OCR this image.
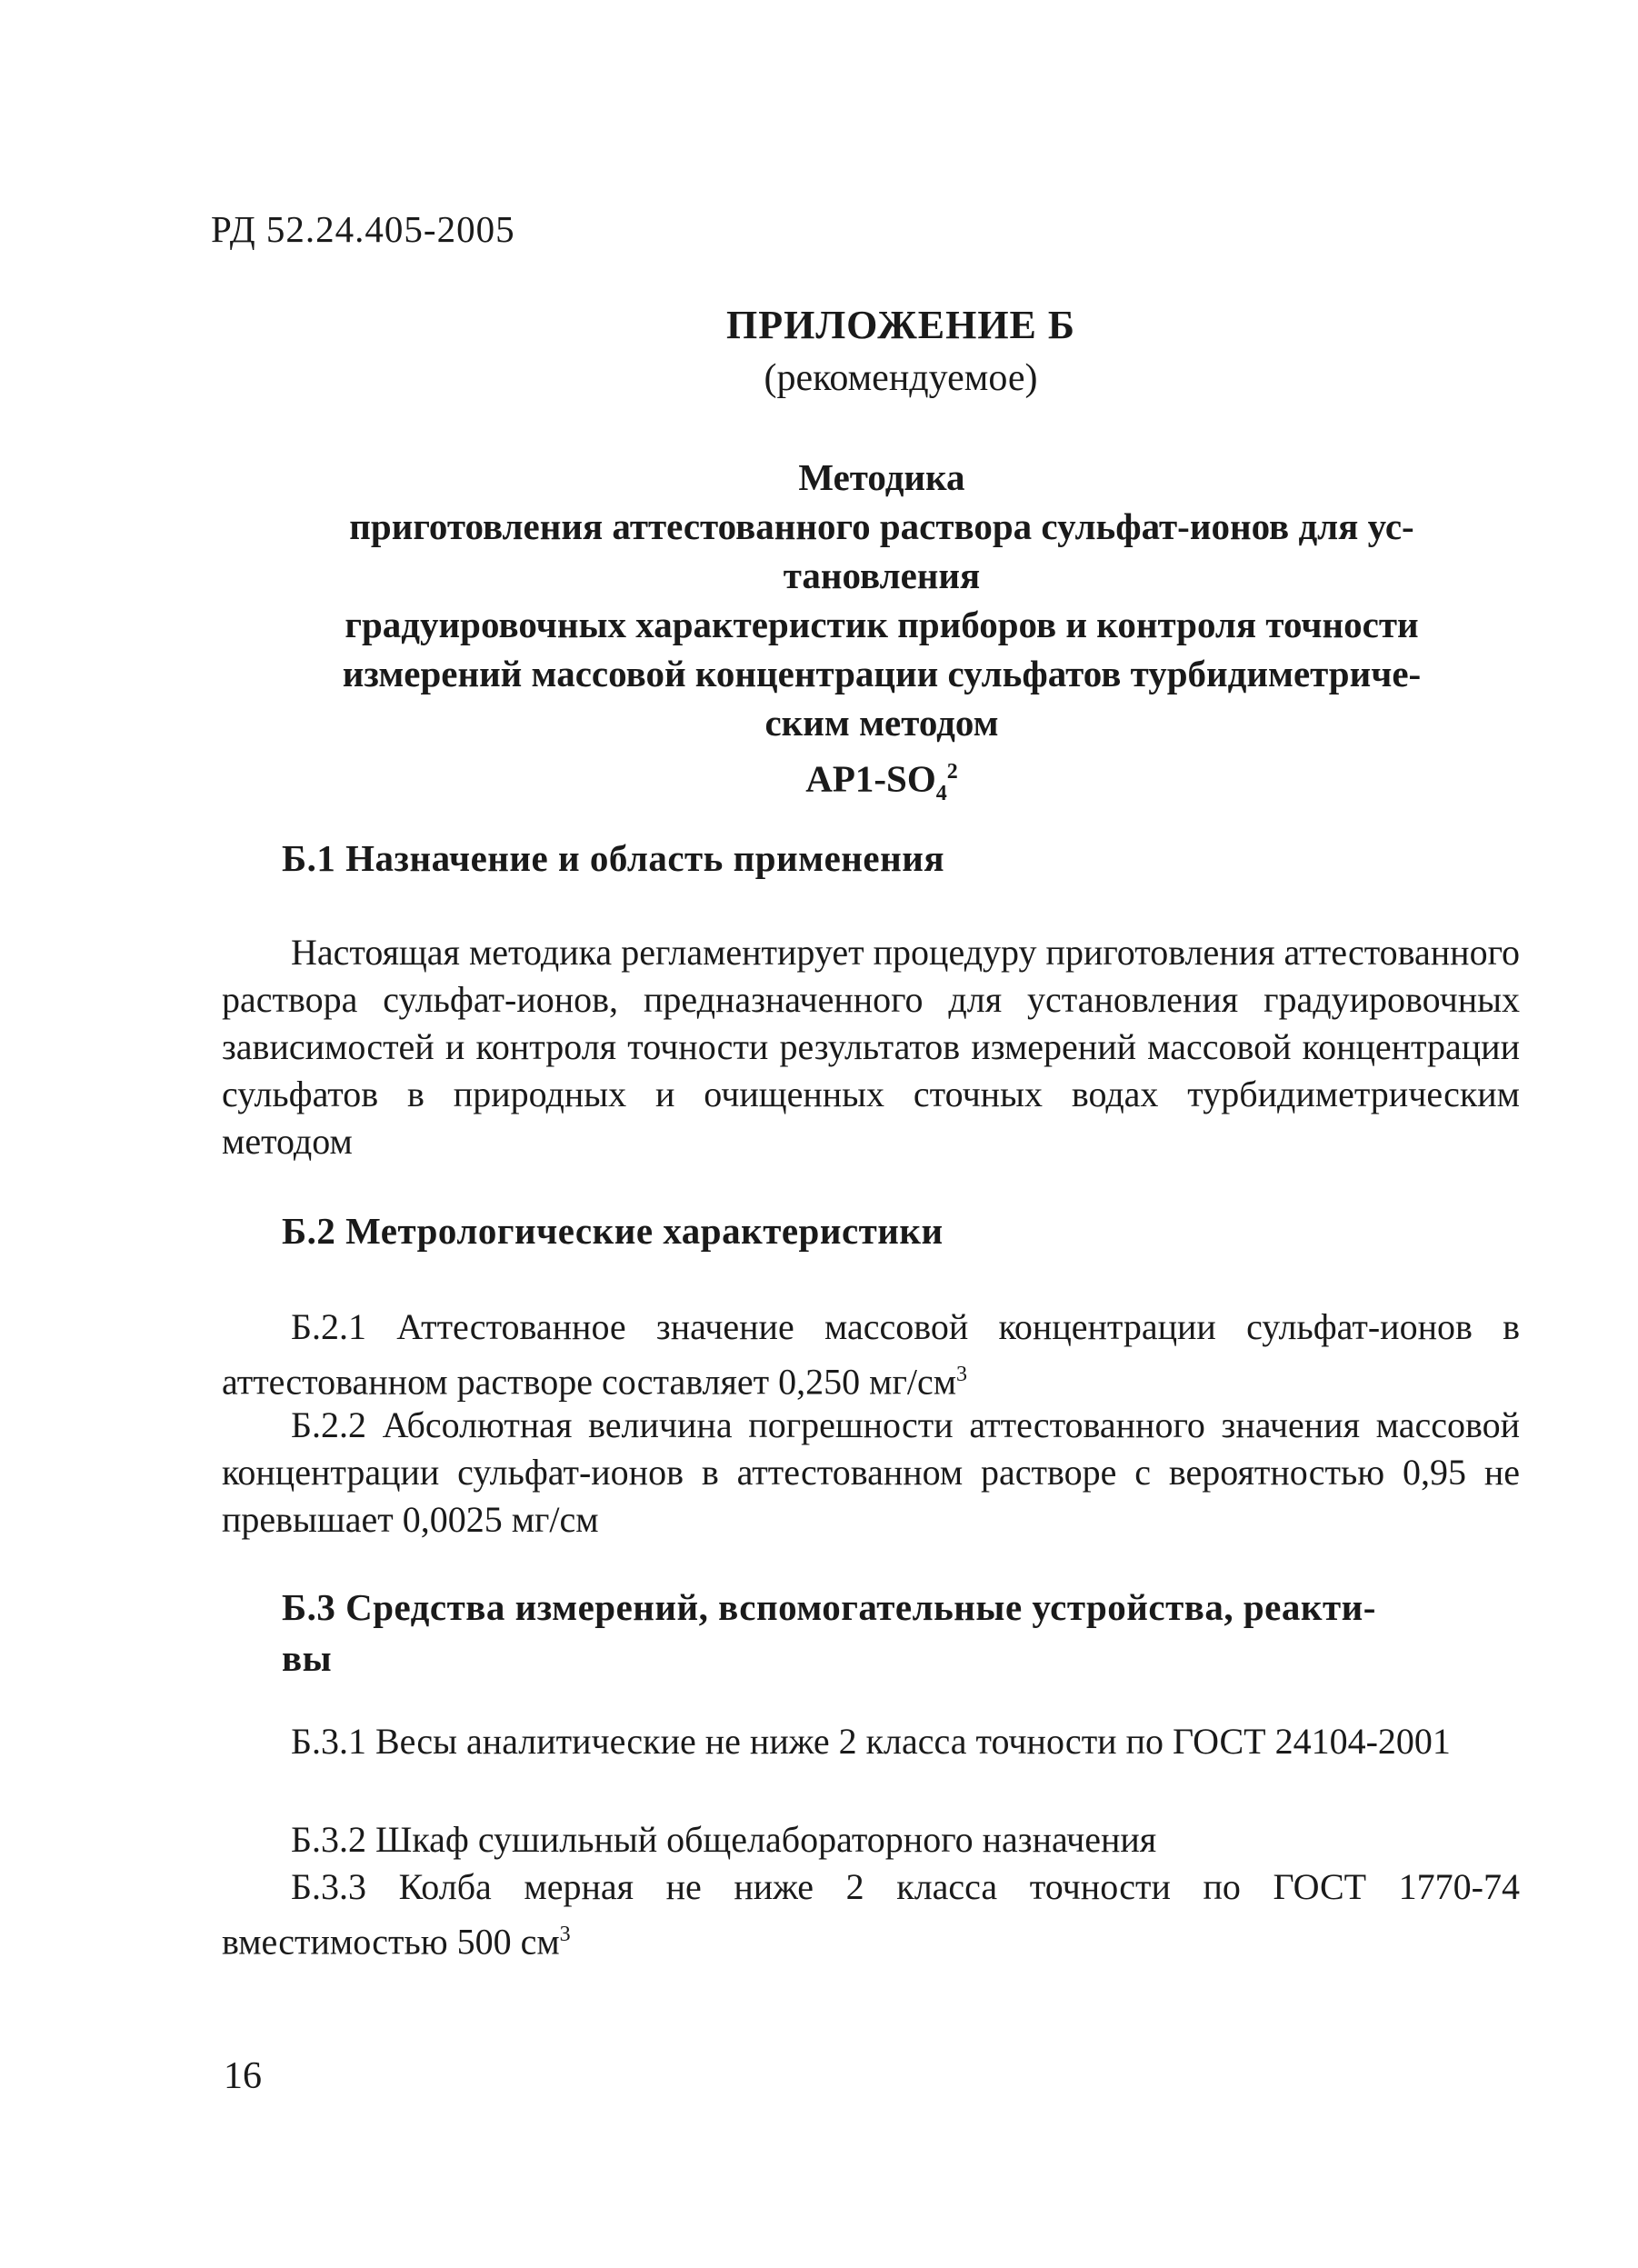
РД 52.24.405-2005
ПРИЛОЖЕНИЕ Б
(рекомендуемое)
Методика
приготовления аттестованного раствора сульфат-ионов для ус-
тановления
градуировочных характеристик приборов и контроля точности
измерений массовой концентрации сульфатов турбидиметриче-
ским методом
$АР1-SO_4^2$
Б.1 Назначение и область применения
Настоящая методика регламентирует процедуру приготовления аттестованного раствора сульфат-ионов, предназначенного для установления градуировочных зависимостей и контроля точности результатов измерений массовой концентрации сульфатов в природных и очищенных сточных водах турбидиметрическим методом
Б.2 Метрологические характеристики
Б.2.1 Аттестованное значение массовой концентрации сульфат-ионов в аттестованном растворе составляет 0,250 $мг/см^3$
Б.2.2 Абсолютная величина погрешности аттестованного значения массовой концентрации сульфат-ионов в аттестованном растворе с вероятностью 0,95 не превышает 0,0025 мг/см
Б.3 Средства измерений, вспомогательные устройства, реакти-
вы
Б.3.1 Весы аналитические не ниже 2 класса точности по ГОСТ 24104-2001
Б.3.2 Шкаф сушильный общелабораторного назначения
Б.3.3 Колба мерная не ниже 2 класса точности по ГОСТ 1770-74 вместимостью 500 $см^3$
16
